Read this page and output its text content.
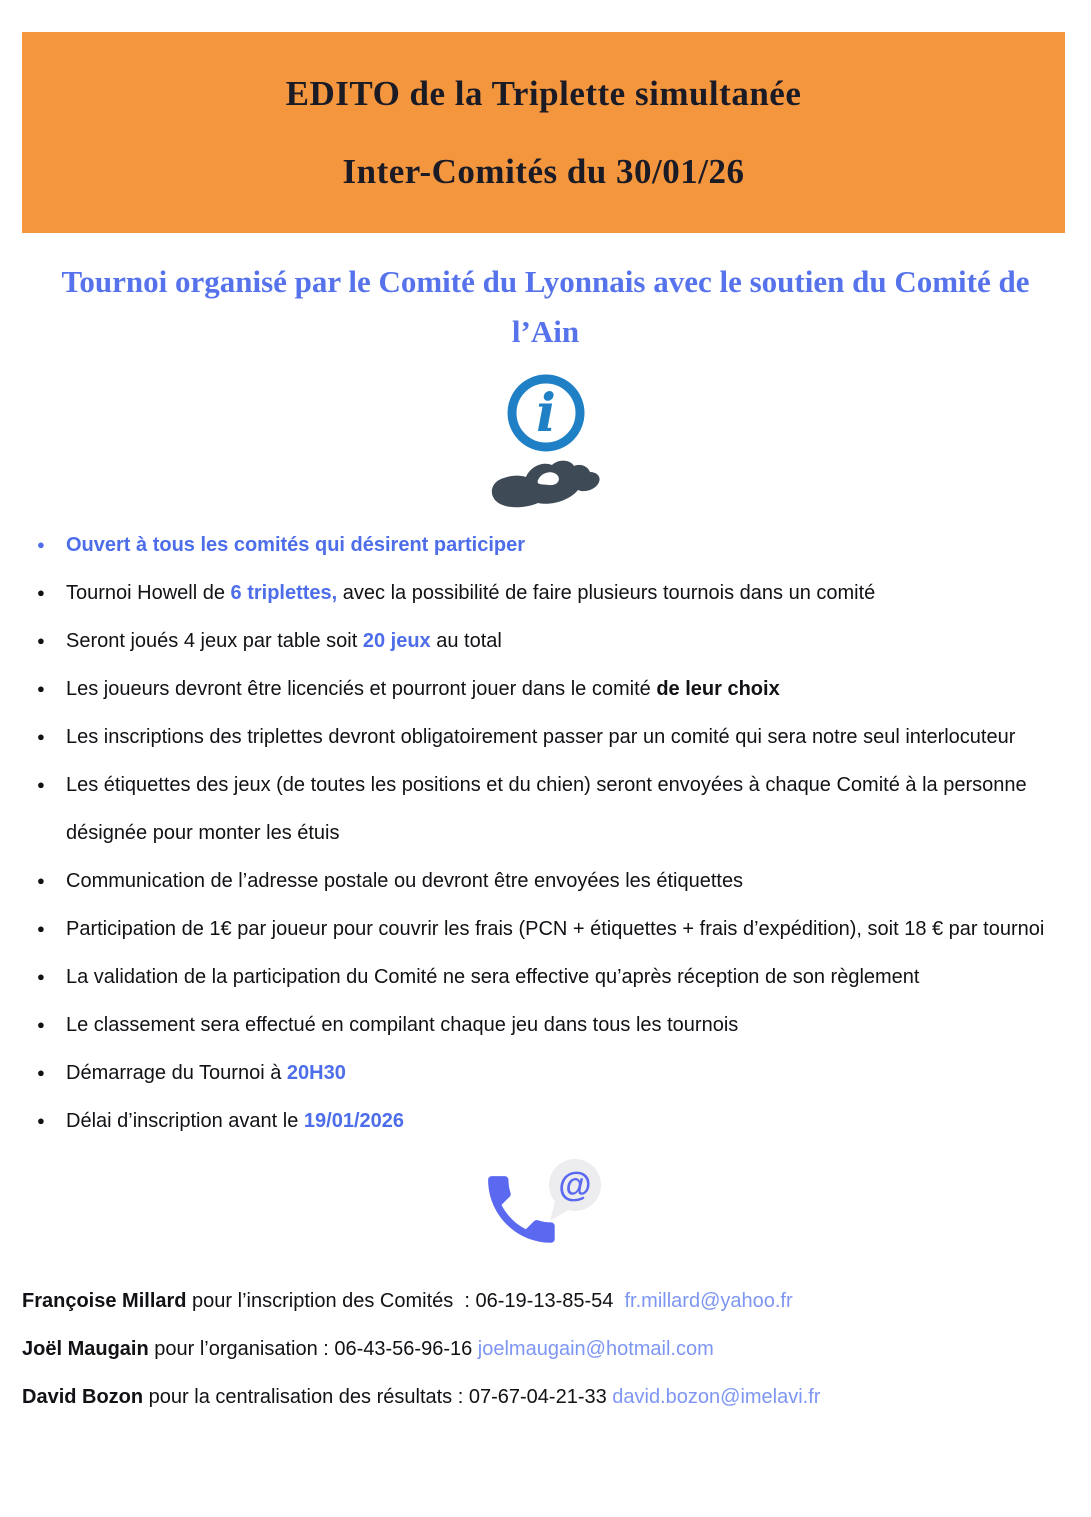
EDITO de la Triplette simultanée
Inter-Comités du 30/01/26
Tournoi organisé par le Comité du Lyonnais avec le soutien du Comité de l’Ain
i
● Ouvert à tous les comités qui désirent participer
● Tournoi Howell de 6 triplettes, avec la possibilité de faire plusieurs tournois dans un comité
● Seront joués 4 jeux par table soit 20 jeux au total
● Les joueurs devront être licenciés et pourront jouer dans le comité de leur choix
● Les inscriptions des triplettes devront obligatoirement passer par un comité qui sera notre seul interlocuteur
● Les étiquettes des jeux (de toutes les positions et du chien) seront envoyées à chaque Comité à la personne désignée pour monter les étuis
● Communication de l’adresse postale ou devront être envoyées les étiquettes
● Participation de 1€ par joueur pour couvrir les frais (PCN + étiquettes + frais d’expédition), soit 18 € par tournoi
● La validation de la participation du Comité ne sera effective qu’après réception de son règlement
● Le classement sera effectué en compilant chaque jeu dans tous les tournois
● Démarrage du Tournoi à 20H30
● Délai d’inscription avant le 19/01/2026
@
Françoise Millard pour l’inscription des Comités  : 06-19-13-85-54  fr.millard@yahoo.fr
Joël Maugain pour l’organisation : 06-43-56-96-16 joelmaugain@hotmail.com
David Bozon pour la centralisation des résultats : 07-67-04-21-33 david.bozon@imelavi.fr
